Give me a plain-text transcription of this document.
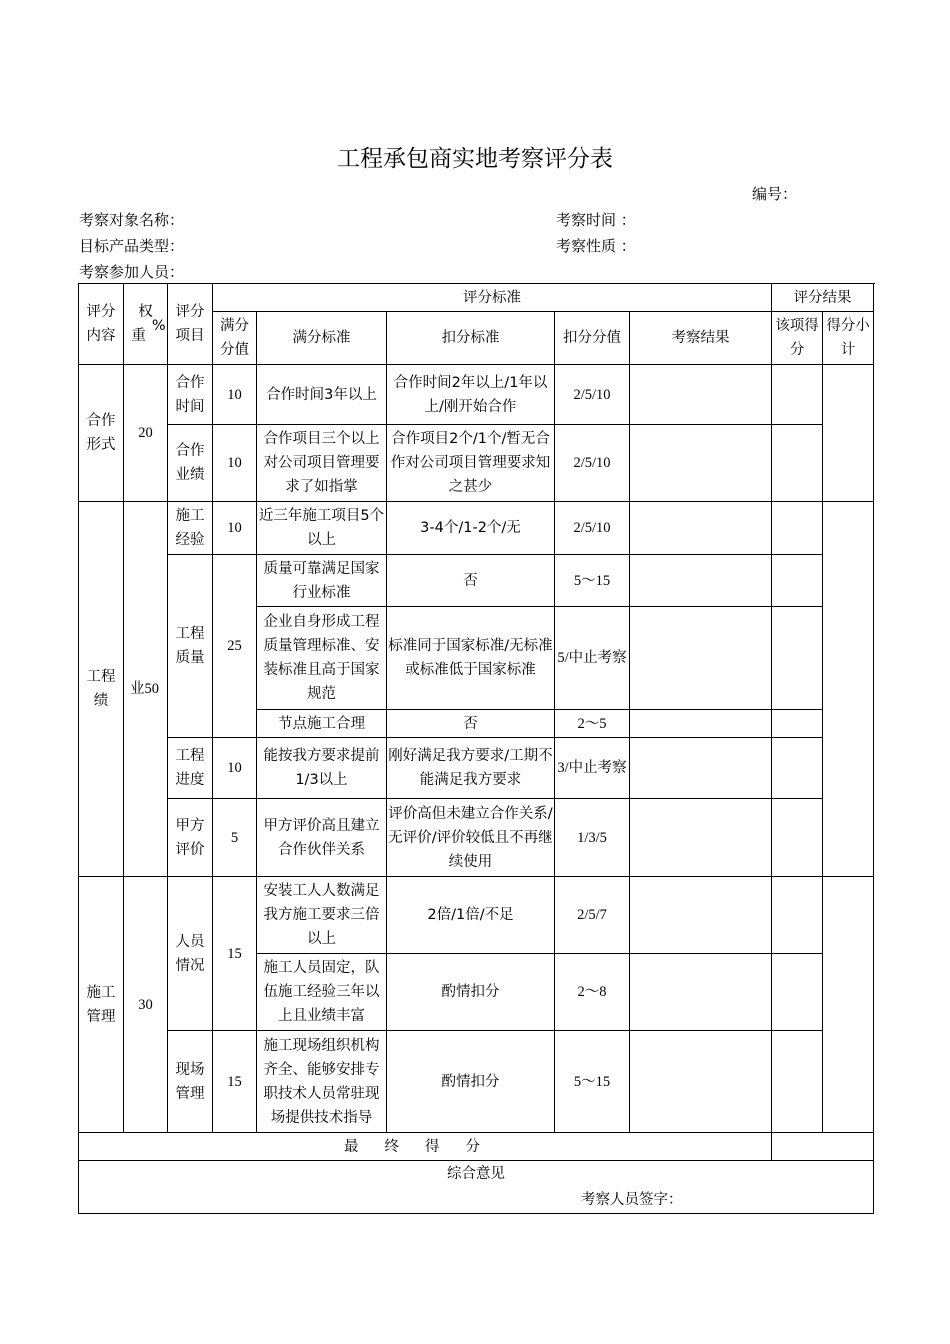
工程承包商实地考察评分表
编号：
考察对象名称：	考察时间 ：
目标产品类型：	考察性质 ：
考察参加人员：
评分内容	权重%	评分项目	评分标准					评分结果	
			满分分值	满分标准	扣分标准	扣分分值	考察结果	该项得分	得分小计
合作形式	20	合作时间	10	合作时间3年以上	合作时间2年以上/1年以上/刚开始合作	2/5/10			
		合作业绩	10	合作项目三个以上对公司项目管理要求了如指掌	合作项目2个/1个/暂无合作对公司项目管理要求知之甚少	2/5/10			
工程绩	业50	施工经验	10	近三年施工项目5个以上	3-4个/1-2个/无	2/5/10			
		工程质量	25	质量可靠满足国家行业标准	否	5～15			
				企业自身形成工程质量管理标准、安装标准且高于国家规范	标准同于国家标准/无标准或标准低于国家标准	5/中止考察			
				节点施工合理	否	2～5			
		工程进度	10	能按我方要求提前1/3以上	刚好满足我方要求/工期不能满足我方要求	3/中止考察			
		甲方评价	5	甲方评价高且建立合作伙伴关系	评价高但未建立合作关系/无评价/评价较低且不再继续使用	1/3/5			
施工管理	30	人员情况	15	安装工人人数满足我方施工要求三倍以上	2倍/1倍/不足	2/5/7			
				施工人员固定，队伍施工经验三年以上且业绩丰富	酌情扣分	2～8			
		现场管理	15	施工现场组织机构齐全、能够安排专职技术人员常驻现场提供技术指导	酌情扣分	5～15			
最终得分									

综合意见
考察人员签字：									
